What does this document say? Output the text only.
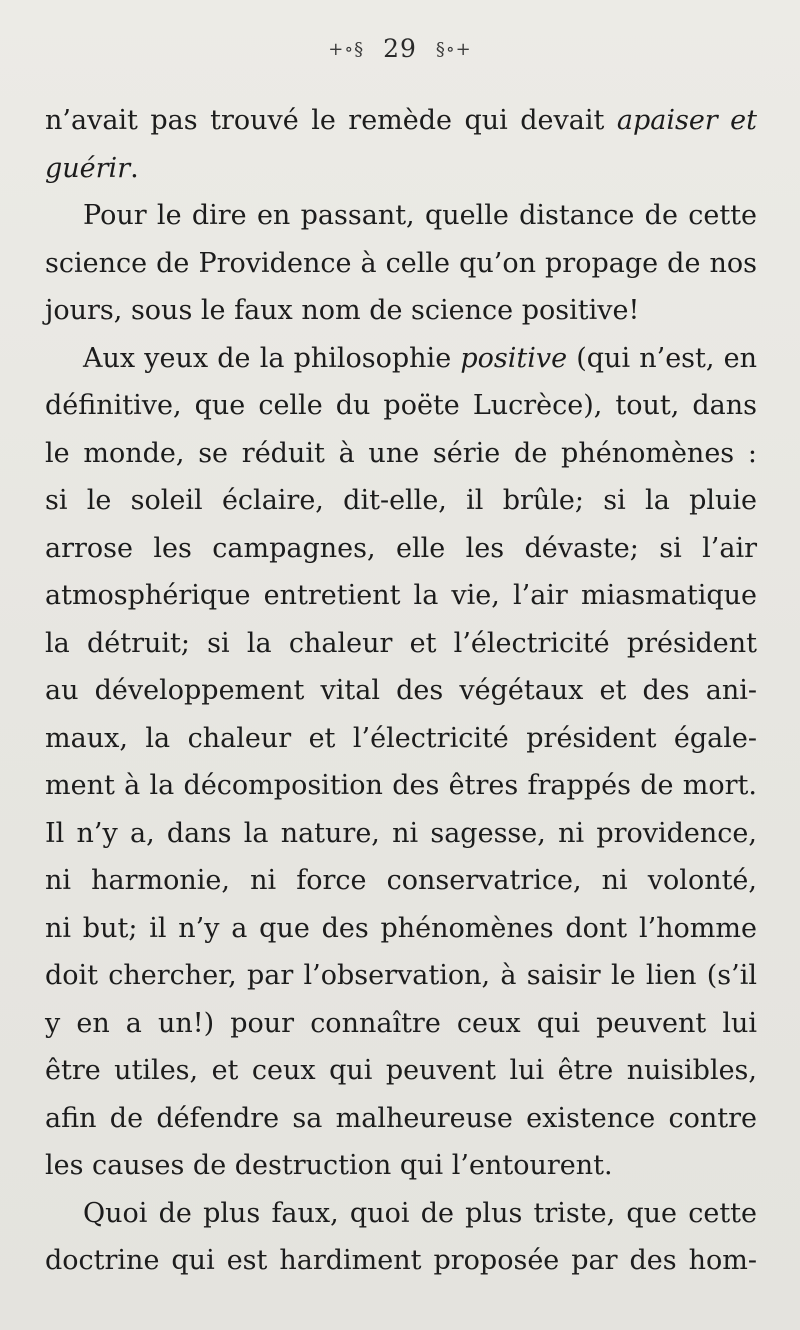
+∘§ 29 §∘+
n’avait pas trouvé le remède qui devait apaiser et
guérir.
Pour le dire en passant, quelle distance de cette
science de Providence à celle qu’on propage de nos
jours, sous le faux nom de science positive!
Aux yeux de la philosophie positive (qui n’est, en
définitive, que celle du poëte Lucrèce), tout, dans
le monde, se réduit à une série de phénomènes :
si le soleil éclaire, dit-elle, il brûle; si la pluie
arrose les campagnes, elle les dévaste; si l’air
atmosphérique entretient la vie, l’air miasmatique
la détruit; si la chaleur et l’électricité président
au développement vital des végétaux et des ani-
maux, la chaleur et l’électricité président égale-
ment à la décomposition des êtres frappés de mort.
Il n’y a, dans la nature, ni sagesse, ni providence,
ni harmonie, ni force conservatrice, ni volonté,
ni but; il n’y a que des phénomènes dont l’homme
doit chercher, par l’observation, à saisir le lien (s’il
y en a un!) pour connaître ceux qui peuvent lui
être utiles, et ceux qui peuvent lui être nuisibles,
afin de défendre sa malheureuse existence contre
les causes de destruction qui l’entourent.
Quoi de plus faux, quoi de plus triste, que cette
doctrine qui est hardiment proposée par des hom-
